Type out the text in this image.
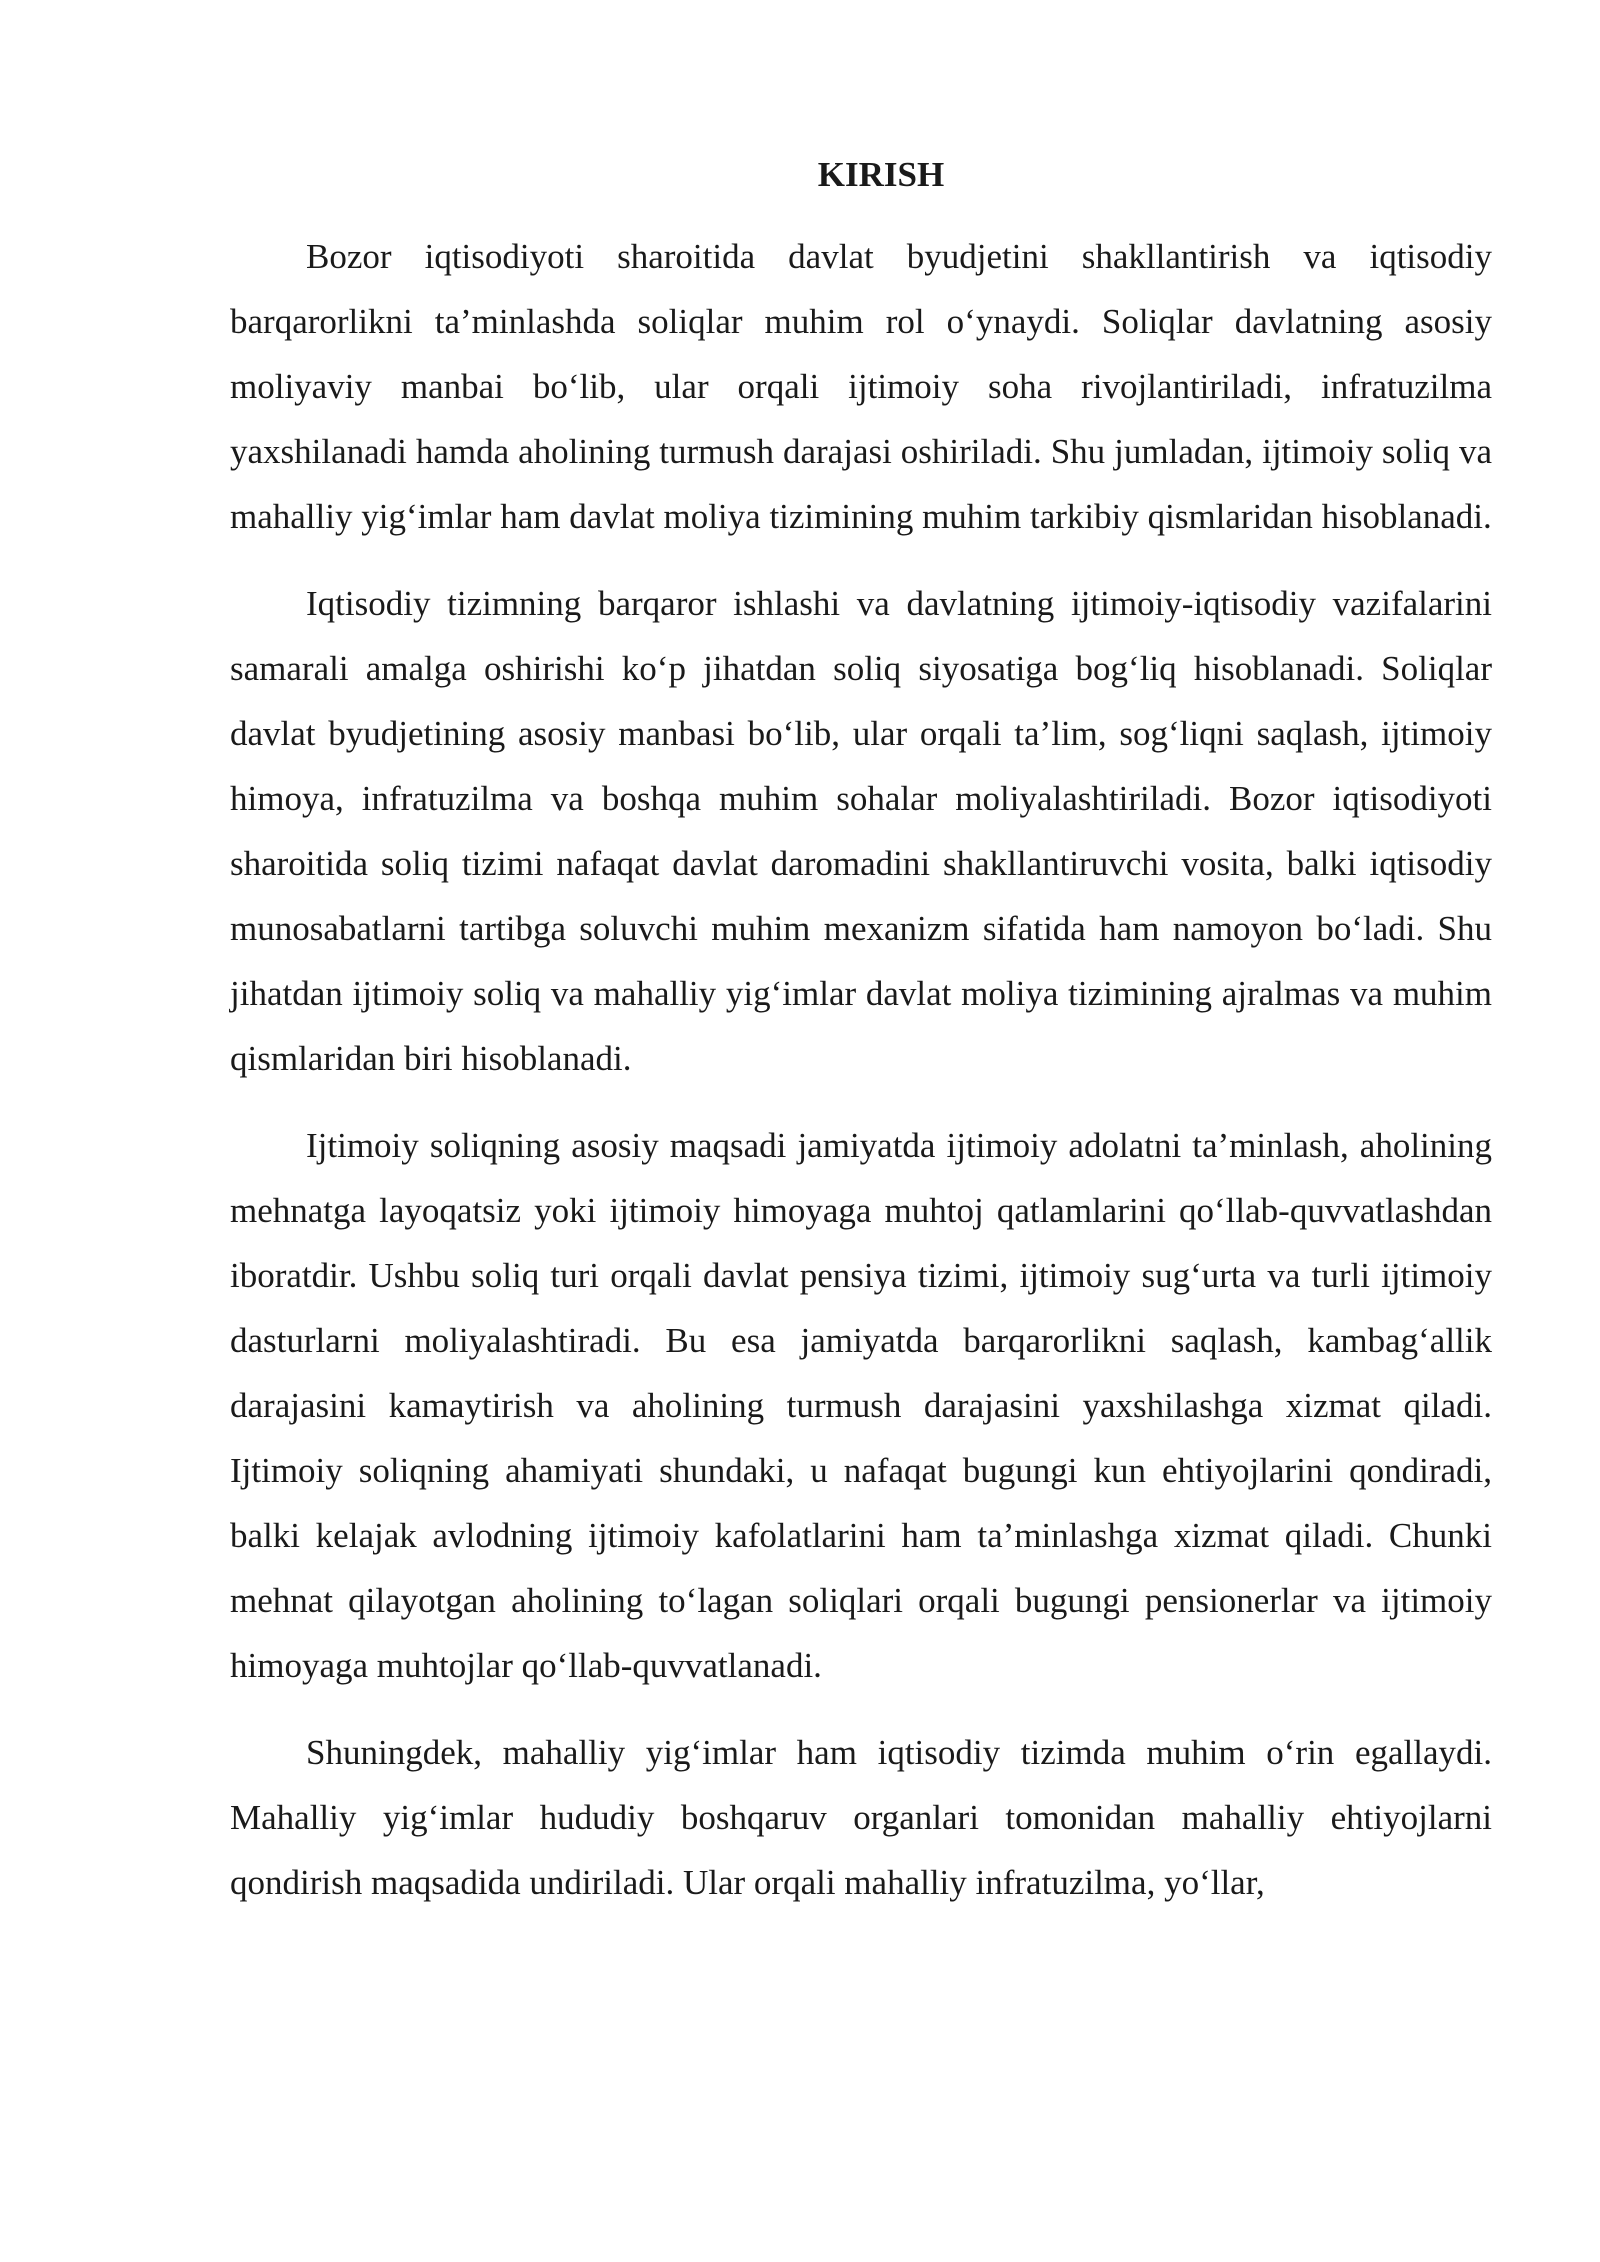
KIRISH

Bozor iqtisodiyoti sharoitida davlat byudjetini shakllantirish va iqtisodiy barqarorlikni ta’minlashda soliqlar muhim rol o‘ynaydi. Soliqlar davlatning asosiy moliyaviy manbai bo‘lib, ular orqali ijtimoiy soha rivojlantiriladi, infratuzilma yaxshilanadi hamda aholining turmush darajasi oshiriladi. Shu jumladan, ijtimoiy soliq va mahalliy yig‘imlar ham davlat moliya tizimining muhim tarkibiy qismlaridan hisoblanadi.

Iqtisodiy tizimning barqaror ishlashi va davlatning ijtimoiy-iqtisodiy vazifalarini samarali amalga oshirishi ko‘p jihatdan soliq siyosatiga bog‘liq hisoblanadi. Soliqlar davlat byudjetining asosiy manbasi bo‘lib, ular orqali ta’lim, sog‘liqni saqlash, ijtimoiy himoya, infratuzilma va boshqa muhim sohalar moliyalashtiriladi. Bozor iqtisodiyoti sharoitida soliq tizimi nafaqat davlat daromadini shakllantiruvchi vosita, balki iqtisodiy munosabatlarni tartibga soluvchi muhim mexanizm sifatida ham namoyon bo‘ladi. Shu jihatdan ijtimoiy soliq va mahalliy yig‘imlar davlat moliya tizimining ajralmas va muhim qismlaridan biri hisoblanadi.

Ijtimoiy soliqning asosiy maqsadi jamiyatda ijtimoiy adolatni ta’minlash, aholining mehnatga layoqatsiz yoki ijtimoiy himoyaga muhtoj qatlamlarini qo‘llab-quvvatlashdan iboratdir. Ushbu soliq turi orqali davlat pensiya tizimi, ijtimoiy sug‘urta va turli ijtimoiy dasturlarni moliyalashtiradi. Bu esa jamiyatda barqarorlikni saqlash, kambag‘allik darajasini kamaytirish va aholining turmush darajasini yaxshilashga xizmat qiladi. Ijtimoiy soliqning ahamiyati shundaki, u nafaqat bugungi kun ehtiyojlarini qondiradi, balki kelajak avlodning ijtimoiy kafolatlarini ham ta’minlashga xizmat qiladi. Chunki mehnat qilayotgan aholining to‘lagan soliqlari orqali bugungi pensionerlar va ijtimoiy himoyaga muhtojlar qo‘llab-quvvatlanadi.

Shuningdek, mahalliy yig‘imlar ham iqtisodiy tizimda muhim o‘rin egallaydi. Mahalliy yig‘imlar hududiy boshqaruv organlari tomonidan mahalliy ehtiyojlarni qondirish maqsadida undiriladi. Ular orqali mahalliy infratuzilma, yo‘llar,
